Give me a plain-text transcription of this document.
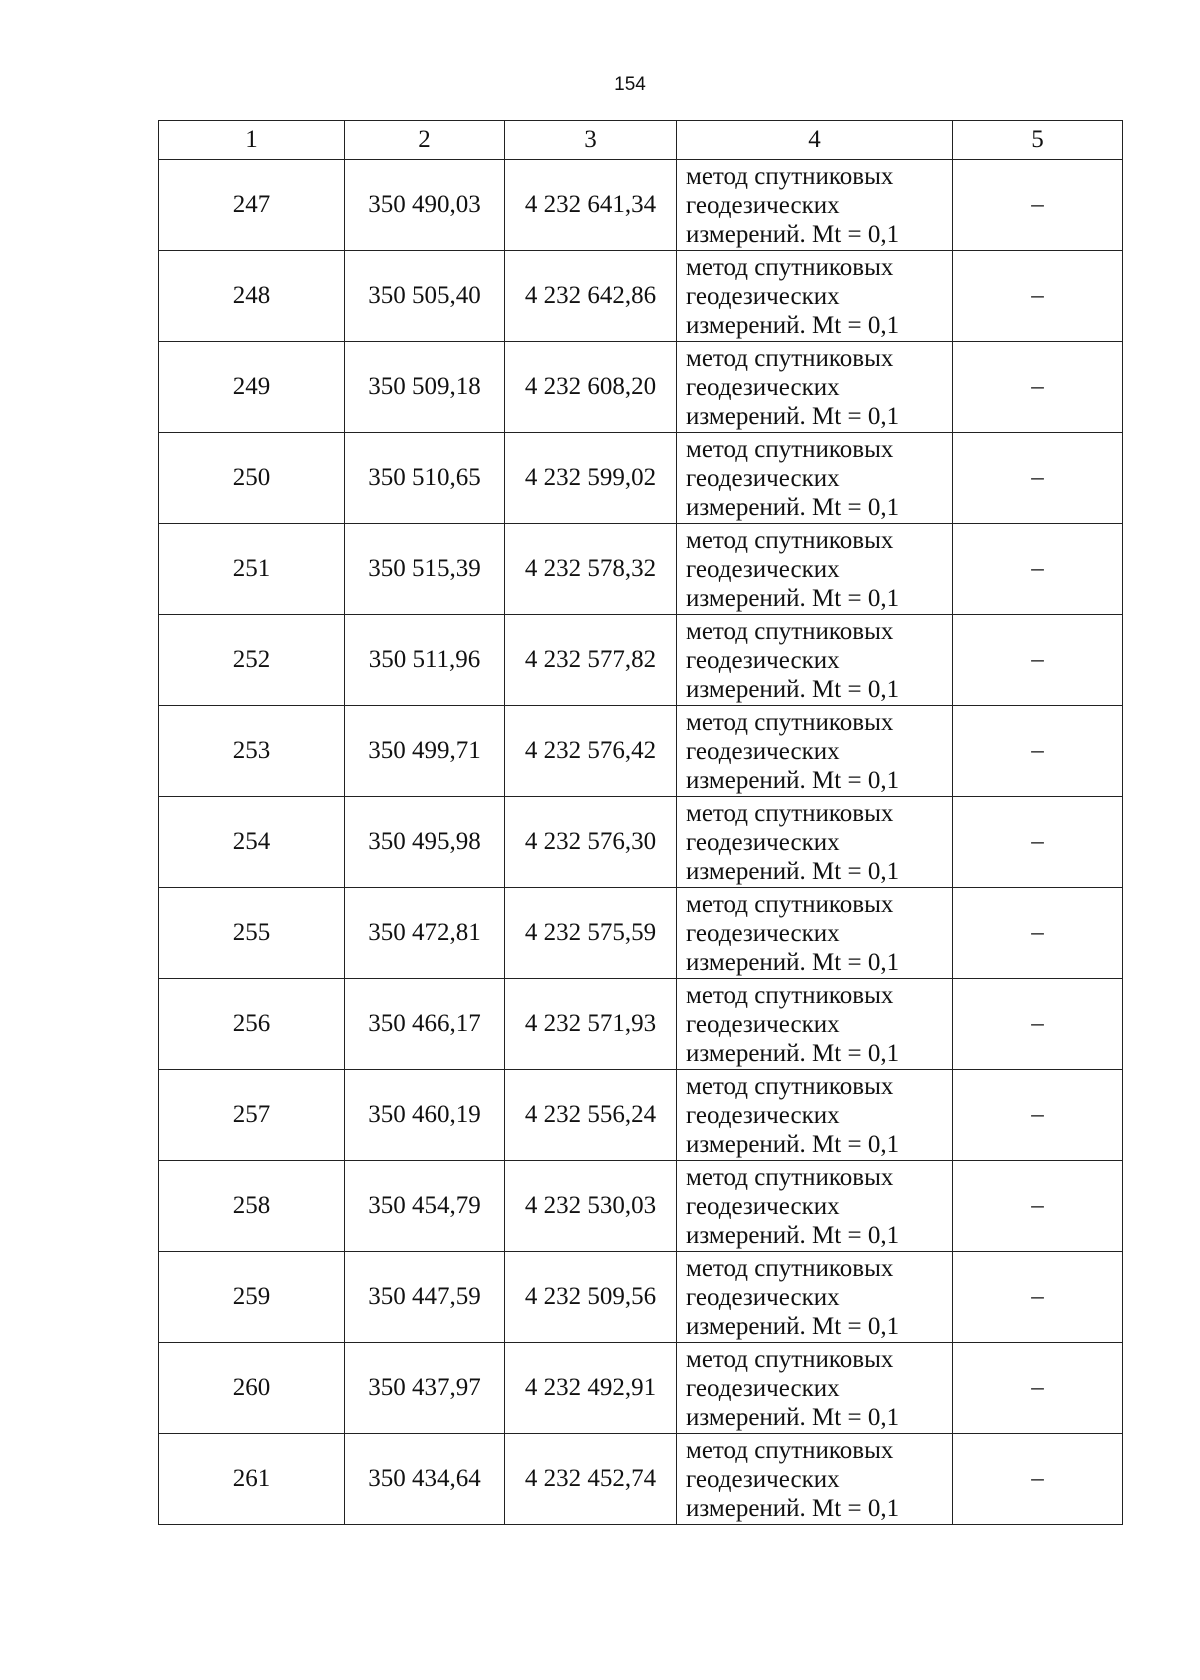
154
1	2	3	4	5
247	350 490,03	4 232 641,34	метод спутниковых
геодезических
измерений. Mt = 0,1	–
248	350 505,40	4 232 642,86	метод спутниковых
геодезических
измерений. Mt = 0,1	–
249	350 509,18	4 232 608,20	метод спутниковых
геодезических
измерений. Mt = 0,1	–
250	350 510,65	4 232 599,02	метод спутниковых
геодезических
измерений. Mt = 0,1	–
251	350 515,39	4 232 578,32	метод спутниковых
геодезических
измерений. Mt = 0,1	–
252	350 511,96	4 232 577,82	метод спутниковых
геодезических
измерений. Mt = 0,1	–
253	350 499,71	4 232 576,42	метод спутниковых
геодезических
измерений. Mt = 0,1	–
254	350 495,98	4 232 576,30	метод спутниковых
геодезических
измерений. Mt = 0,1	–
255	350 472,81	4 232 575,59	метод спутниковых
геодезических
измерений. Mt = 0,1	–
256	350 466,17	4 232 571,93	метод спутниковых
геодезических
измерений. Mt = 0,1	–
257	350 460,19	4 232 556,24	метод спутниковых
геодезических
измерений. Mt = 0,1	–
258	350 454,79	4 232 530,03	метод спутниковых
геодезических
измерений. Mt = 0,1	–
259	350 447,59	4 232 509,56	метод спутниковых
геодезических
измерений. Mt = 0,1	–
260	350 437,97	4 232 492,91	метод спутниковых
геодезических
измерений. Mt = 0,1	–
261	350 434,64	4 232 452,74	метод спутниковых
геодезических
измерений. Mt = 0,1	–
